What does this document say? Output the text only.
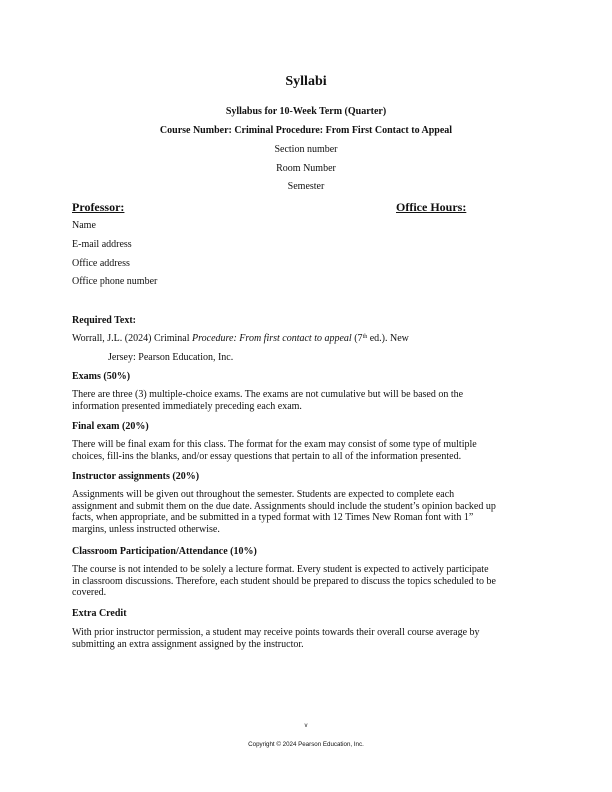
Syllabi
Syllabus for 10-Week Term (Quarter)
Course Number: Criminal Procedure: From First Contact to Appeal
Section number
Room Number
Semester
Professor:	Office Hours:
Name
E-mail address
Office address
Office phone number
Required Text:
Worrall, J.L. (2024) Criminal Procedure: From first contact to appeal (7th ed.). New
Jersey: Pearson Education, Inc.
Exams (50%)
There are three (3) multiple-choice exams. The exams are not cumulative but will be based on the
information presented immediately preceding each exam.
Final exam (20%)
There will be final exam for this class. The format for the exam may consist of some type of multiple
choices, fill-ins the blanks, and/or essay questions that pertain to all of the information presented.
Instructor assignments (20%)
Assignments will be given out throughout the semester. Students are expected to complete each
assignment and submit them on the due date. Assignments should include the student’s opinion backed up
facts, when appropriate, and be submitted in a typed format with 12 Times New Roman font with 1”
margins, unless instructed otherwise.
Classroom Participation/Attendance (10%)
The course is not intended to be solely a lecture format. Every student is expected to actively participate
in classroom discussions. Therefore, each student should be prepared to discuss the topics scheduled to be
covered.
Extra Credit
With prior instructor permission, a student may receive points towards their overall course average by
submitting an extra assignment assigned by the instructor.
v
Copyright © 2024 Pearson Education, Inc.
